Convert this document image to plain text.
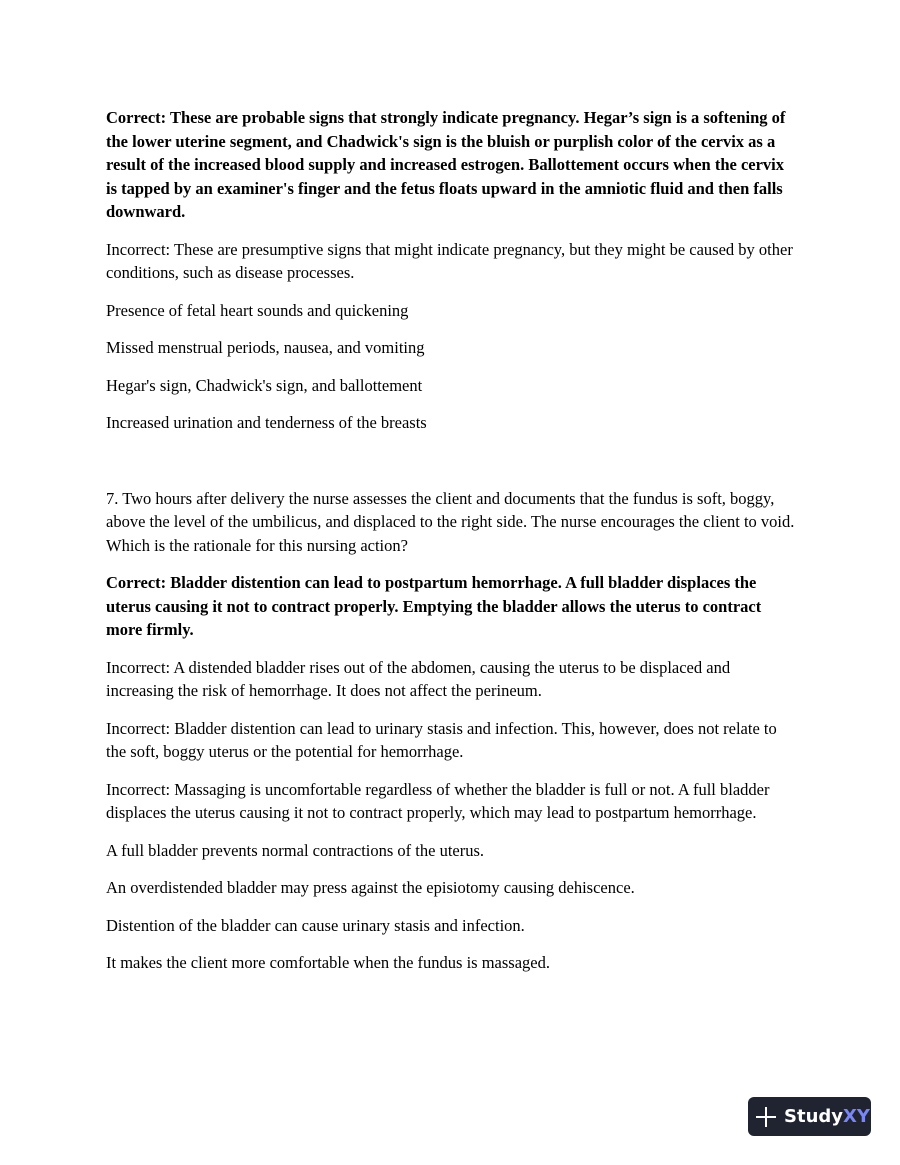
Correct: These are probable signs that strongly indicate pregnancy. Hegar’s sign is a softening of the lower uterine segment, and Chadwick's sign is the bluish or purplish color of the cervix as a result of the increased blood supply and increased estrogen. Ballottement occurs when the cervix is tapped by an examiner's finger and the fetus floats upward in the amniotic fluid and then falls downward.

Incorrect: These are presumptive signs that might indicate pregnancy, but they might be caused by other conditions, such as disease processes.

Presence of fetal heart sounds and quickening

Missed menstrual periods, nausea, and vomiting

Hegar's sign, Chadwick's sign, and ballottement

Increased urination and tenderness of the breasts

7. Two hours after delivery the nurse assesses the client and documents that the fundus is soft, boggy, above the level of the umbilicus, and displaced to the right side. The nurse encourages the client to void. Which is the rationale for this nursing action?

Correct: Bladder distention can lead to postpartum hemorrhage. A full bladder displaces the uterus causing it not to contract properly. Emptying the bladder allows the uterus to contract more firmly.

Incorrect: A distended bladder rises out of the abdomen, causing the uterus to be displaced and increasing the risk of hemorrhage. It does not affect the perineum.

Incorrect: Bladder distention can lead to urinary stasis and infection. This, however, does not relate to the soft, boggy uterus or the potential for hemorrhage.

Incorrect: Massaging is uncomfortable regardless of whether the bladder is full or not. A full bladder displaces the uterus causing it not to contract properly, which may lead to postpartum hemorrhage.

A full bladder prevents normal contractions of the uterus.

An overdistended bladder may press against the episiotomy causing dehiscence.

Distention of the bladder can cause urinary stasis and infection.

It makes the client more comfortable when the fundus is massaged.

Study XY
